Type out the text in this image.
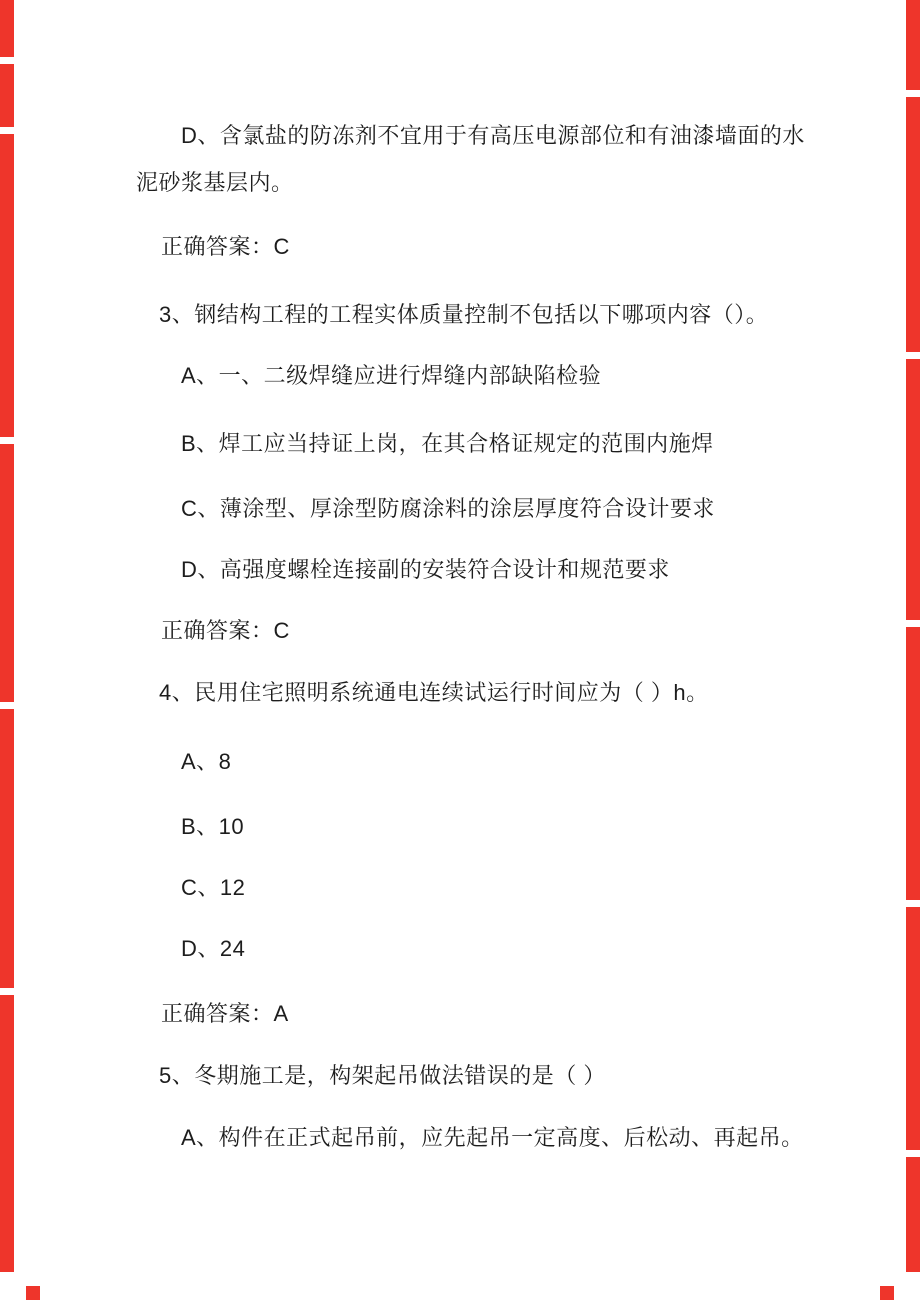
D、含氯盐的防冻剂不宜用于有高压电源部位和有油漆墙面的水
泥砂浆基层内。
正确答案：C
3、钢结构工程的工程实体质量控制不包括以下哪项内容（）。
A、一、二级焊缝应进行焊缝内部缺陷检验
B、焊工应当持证上岗，在其合格证规定的范围内施焊
C、薄涂型、厚涂型防腐涂料的涂层厚度符合设计要求
D、高强度螺栓连接副的安装符合设计和规范要求
正确答案：C
4、民用住宅照明系统通电连续试运行时间应为（ ）h。
A、8
B、10
C、12
D、24
正确答案：A
5、冬期施工是，构架起吊做法错误的是（ ）
A、构件在正式起吊前，应先起吊一定高度、后松动、再起吊。
